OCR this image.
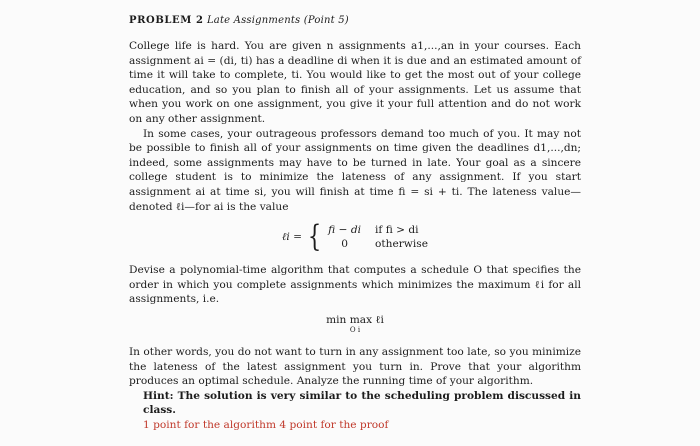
PROBLEM 2 Late Assignments (Point 5)

College life is hard. You are given n assignments a1,...,an in your courses. Each assignment ai = (di, ti) has a deadline di when it is due and an estimated amount of time it will take to complete, ti. You would like to get the most out of your college education, and so you plan to finish all of your assignments. Let us assume that when you work on one assignment, you give it your full attention and do not work on any other assignment.

In some cases, your outrageous professors demand too much of you. It may not be possible to finish all of your assignments on time given the deadlines d1,...,dn; indeed, some assignments may have to be turned in late. Your goal as a sincere college student is to minimize the lateness of any assignment. If you start assignment ai at time si, you will finish at time fi = si + ti. The lateness value—denoted ℓi—for ai is the value

ℓi = { fi − di if fi > di
0	otherwise

Devise a polynomial-time algorithm that computes a schedule O that specifies the order in which you complete assignments which minimizes the maximum ℓi for all assignments, i.e.

min max ℓi
O i

In other words, you do not want to turn in any assignment too late, so you minimize the lateness of the latest assignment you turn in. Prove that your algorithm produces an optimal schedule. Analyze the running time of your algorithm.

Hint: The solution is very similar to the scheduling problem discussed in class.

1 point for the algorithm 4 point for the proof
